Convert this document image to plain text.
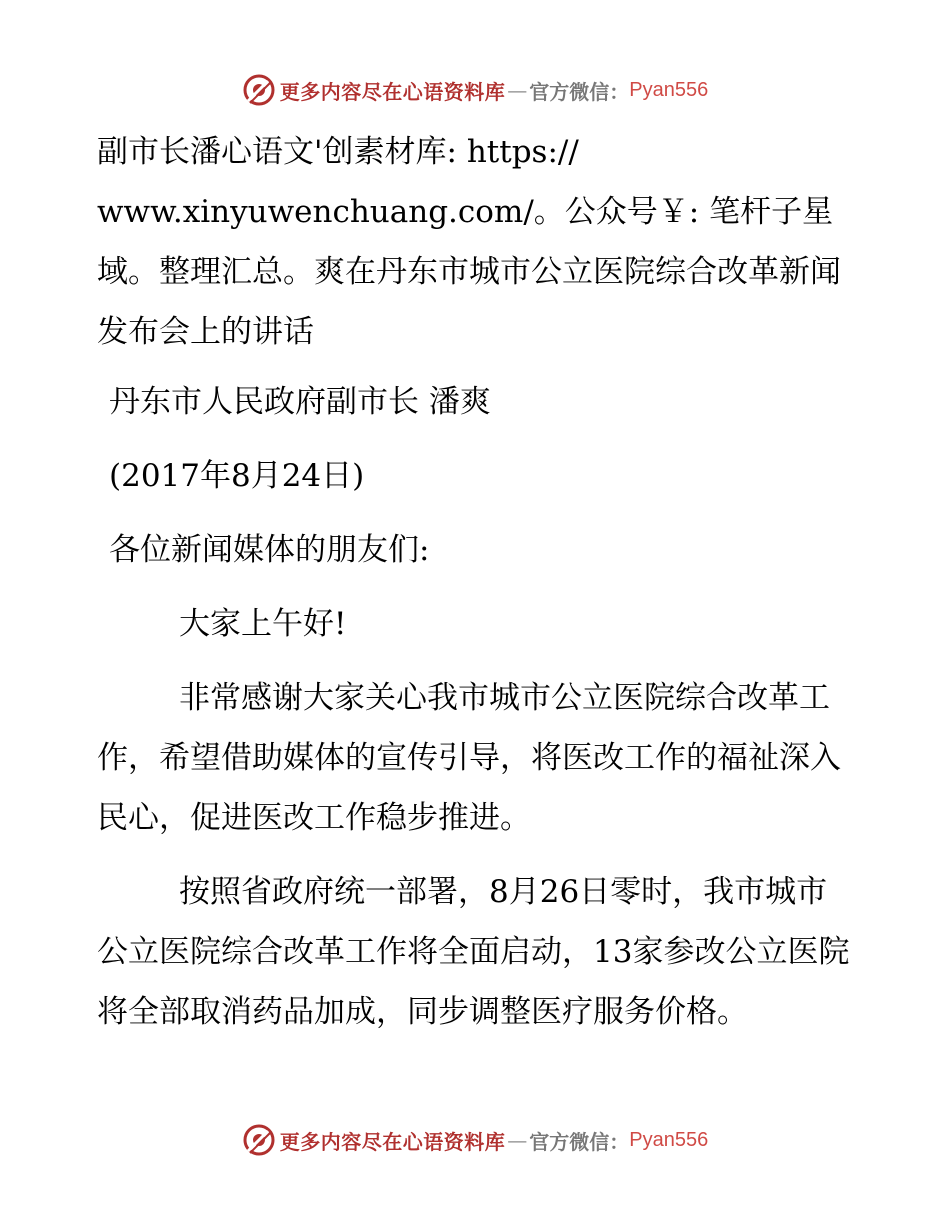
更多内容尽在心语资料库 — 官方微信： Pyan556

副市长潘心语文'创素材库: https:// www.xinyuwenchuang.com/。公众号￥: 笔杆子星域。整理汇总。爽在丹东市城市公立医院综合改革新闻发布会上的讲话

丹东市人民政府副市长 潘爽

(2017年8月24日)

各位新闻媒体的朋友们:

大家上午好!

非常感谢大家关心我市城市公立医院综合改革工作，希望借助媒体的宣传引导，将医改工作的福祉深入民心，促进医改工作稳步推进。

按照省政府统一部署，8月26日零时，我市城市公立医院综合改革工作将全面启动，13家参改公立医院将全部取消药品加成，同步调整医疗服务价格。

更多内容尽在心语资料库 — 官方微信： Pyan556
